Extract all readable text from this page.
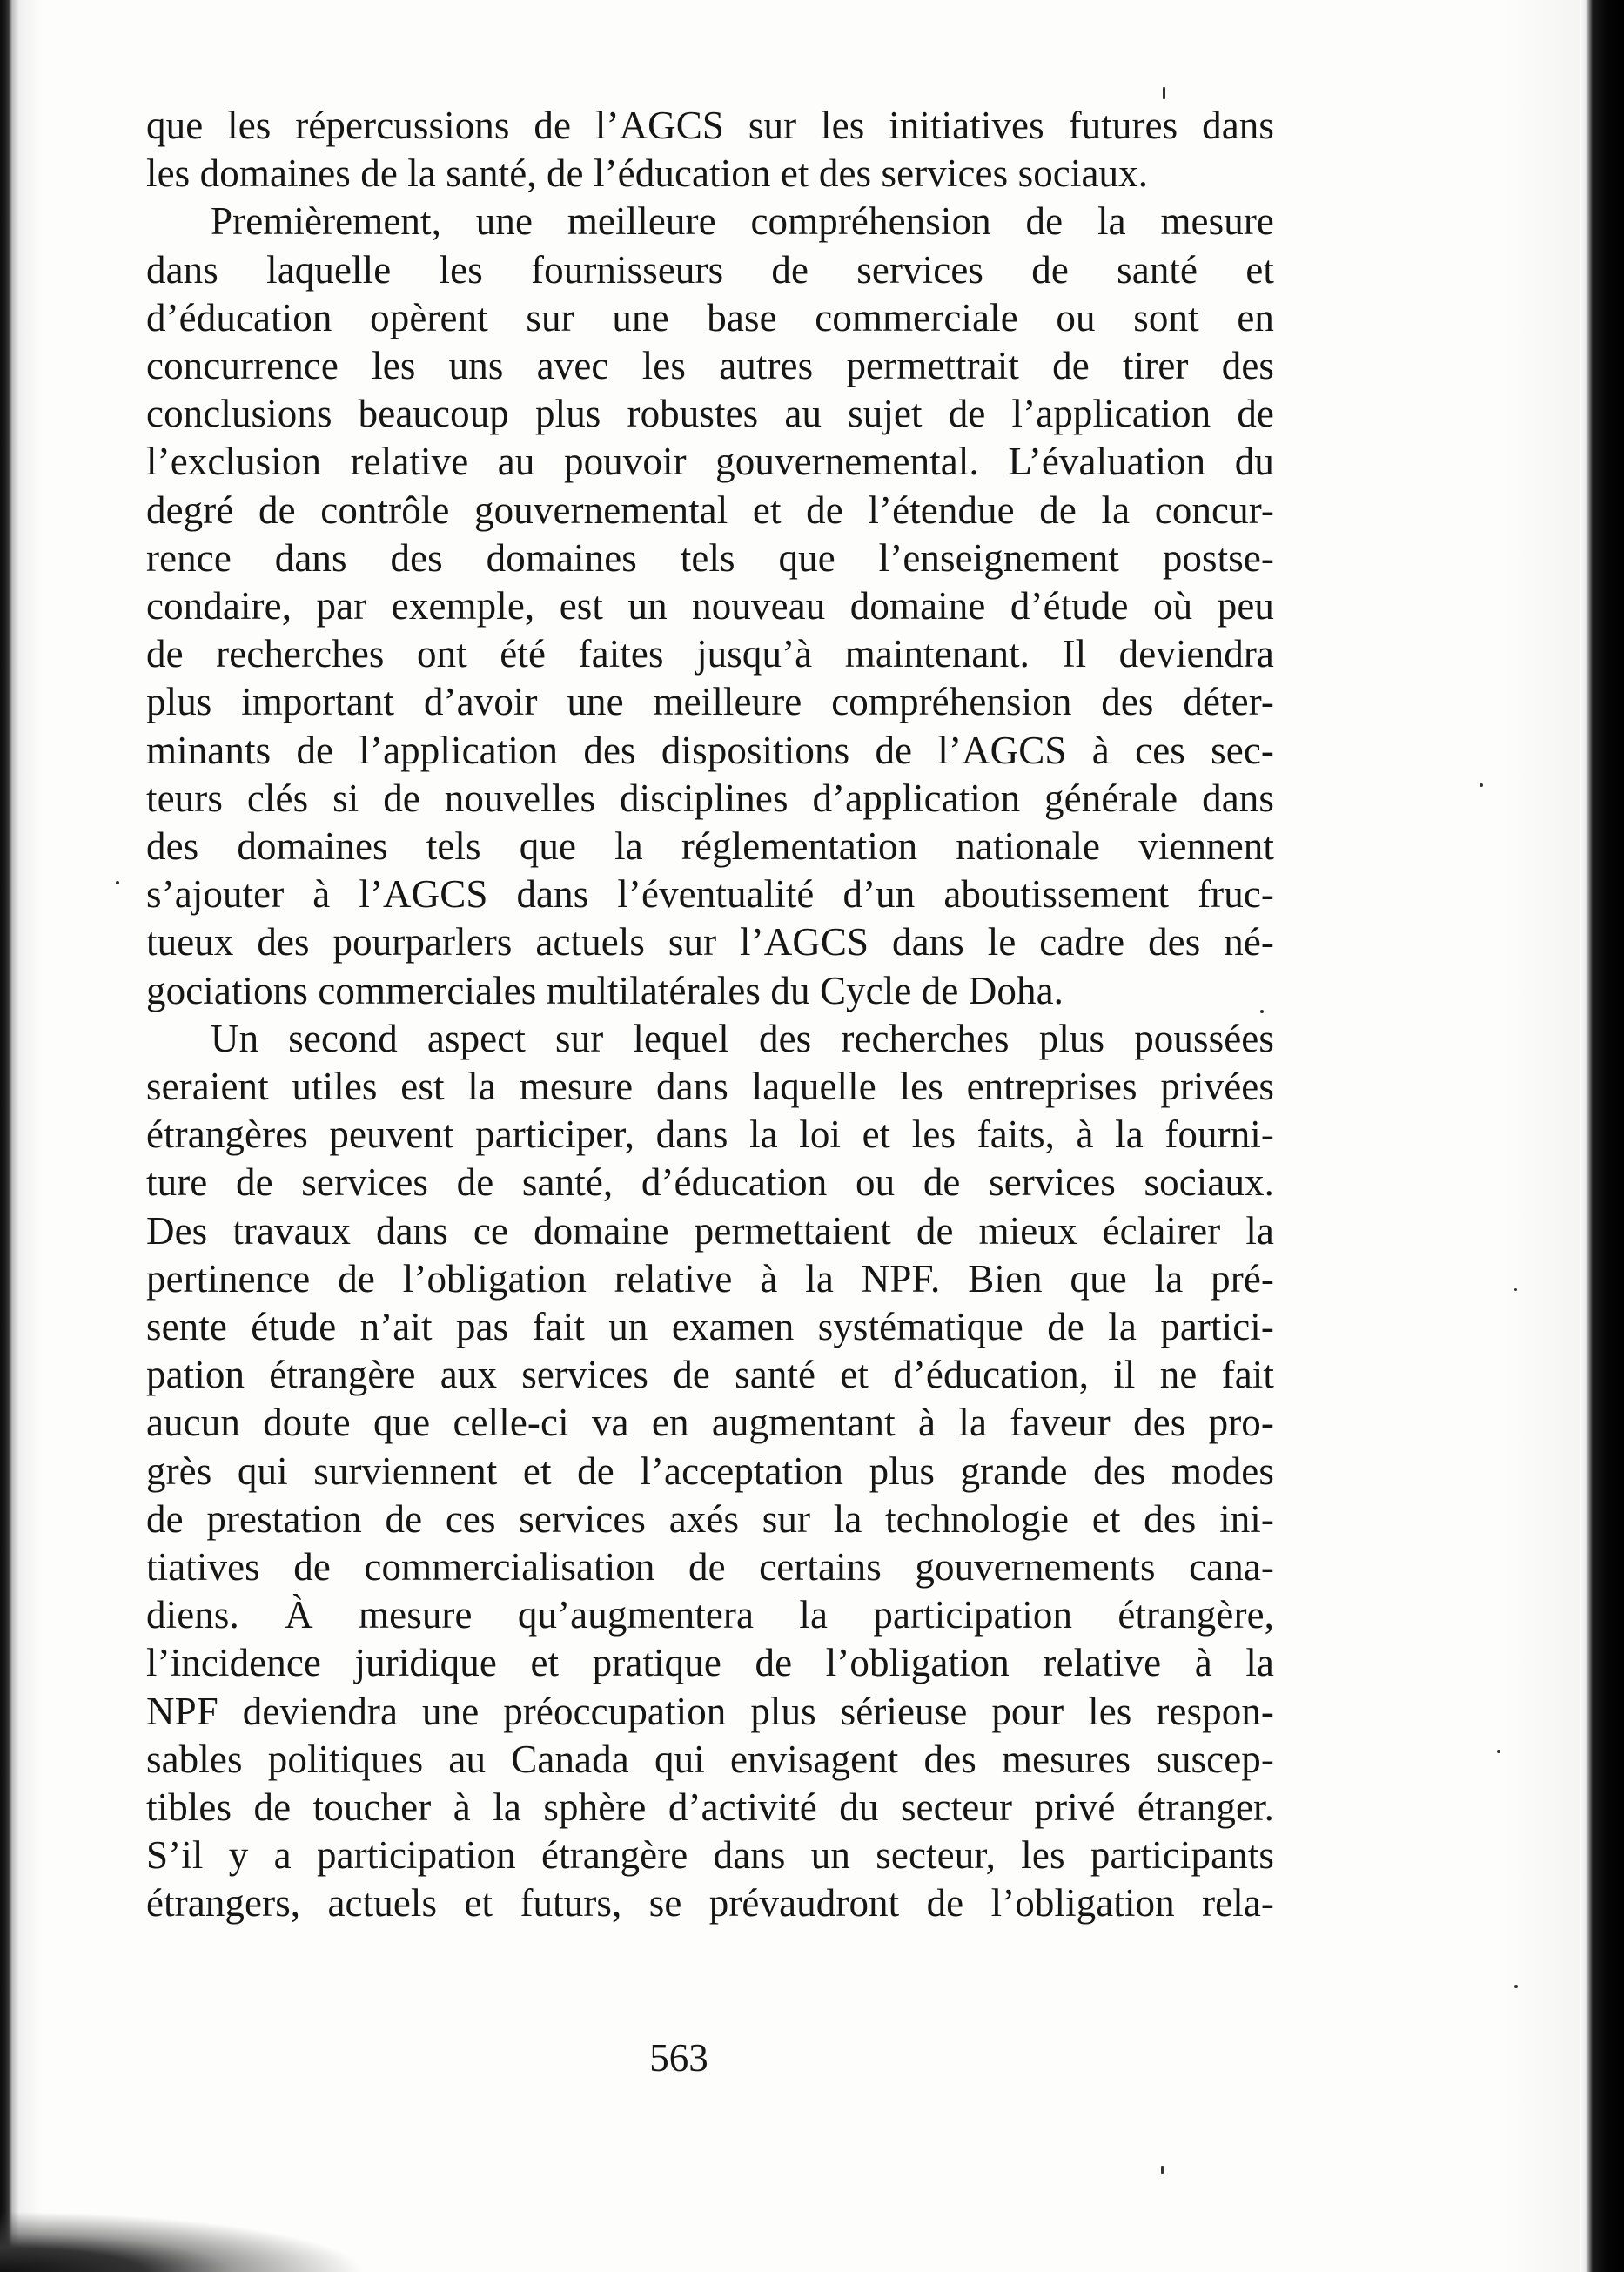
que les répercussions de l’AGCS sur les initiatives futures dans
les domaines de la santé, de l’éducation et des services sociaux.
Premièrement, une meilleure compréhension de la mesure
dans laquelle les fournisseurs de services de santé et
d’éducation opèrent sur une base commerciale ou sont en
concurrence les uns avec les autres permettrait de tirer des
conclusions beaucoup plus robustes au sujet de l’application de
l’exclusion relative au pouvoir gouvernemental. L’évaluation du
degré de contrôle gouvernemental et de l’étendue de la concur-
rence dans des domaines tels que l’enseignement postse-
condaire, par exemple, est un nouveau domaine d’étude où peu
de recherches ont été faites jusqu’à maintenant. Il deviendra
plus important d’avoir une meilleure compréhension des déter-
minants de l’application des dispositions de l’AGCS à ces sec-
teurs clés si de nouvelles disciplines d’application générale dans
des domaines tels que la réglementation nationale viennent
s’ajouter à l’AGCS dans l’éventualité d’un aboutissement fruc-
tueux des pourparlers actuels sur l’AGCS dans le cadre des né-
gociations commerciales multilatérales du Cycle de Doha.
Un second aspect sur lequel des recherches plus poussées
seraient utiles est la mesure dans laquelle les entreprises privées
étrangères peuvent participer, dans la loi et les faits, à la fourni-
ture de services de santé, d’éducation ou de services sociaux.
Des travaux dans ce domaine permettaient de mieux éclairer la
pertinence de l’obligation relative à la NPF. Bien que la pré-
sente étude n’ait pas fait un examen systématique de la partici-
pation étrangère aux services de santé et d’éducation, il ne fait
aucun doute que celle-ci va en augmentant à la faveur des pro-
grès qui surviennent et de l’acceptation plus grande des modes
de prestation de ces services axés sur la technologie et des ini-
tiatives de commercialisation de certains gouvernements cana-
diens. À mesure qu’augmentera la participation étrangère,
l’incidence juridique et pratique de l’obligation relative à la
NPF deviendra une préoccupation plus sérieuse pour les respon-
sables politiques au Canada qui envisagent des mesures suscep-
tibles de toucher à la sphère d’activité du secteur privé étranger.
S’il y a participation étrangère dans un secteur, les participants
étrangers, actuels et futurs, se prévaudront de l’obligation rela-
563
